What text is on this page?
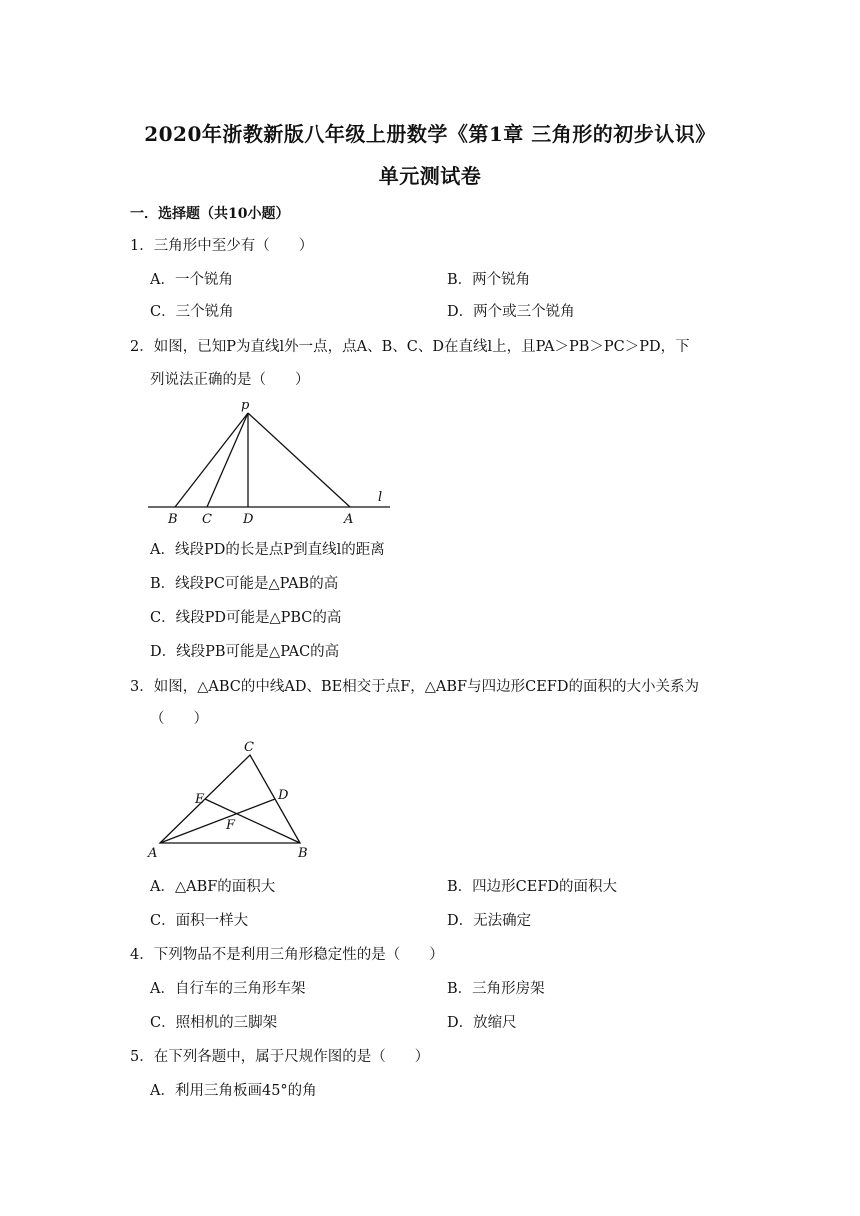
2020年浙教新版八年级上册数学《第1章 三角形的初步认识》
单元测试卷
一．选择题（共10小题）
1．三角形中至少有（　　）
A．一个锐角	B．两个锐角
C．三个锐角	D．两个或三个锐角
2．如图，已知P为直线l外一点，点A、B、C、D在直线l上，且PA＞PB＞PC＞PD，下
列说法正确的是（　　）
p
l
B C D	A
A．线段PD的长是点P到直线l的距离
B．线段PC可能是△PAB的高
C．线段PD可能是△PBC的高
D．线段PB可能是△PAC的高
3．如图，△ABC的中线AD、BE相交于点F，△ABF与四边形CEFD的面积的大小关系为
（　　）
C
E	D
F
A	B
A．△ABF的面积大	B．四边形CEFD的面积大
C．面积一样大	D．无法确定
4．下列物品不是利用三角形稳定性的是（　　）
A．自行车的三角形车架	B．三角形房架
C．照相机的三脚架	D．放缩尺
5．在下列各题中，属于尺规作图的是（　　）
A．利用三角板画45°的角
